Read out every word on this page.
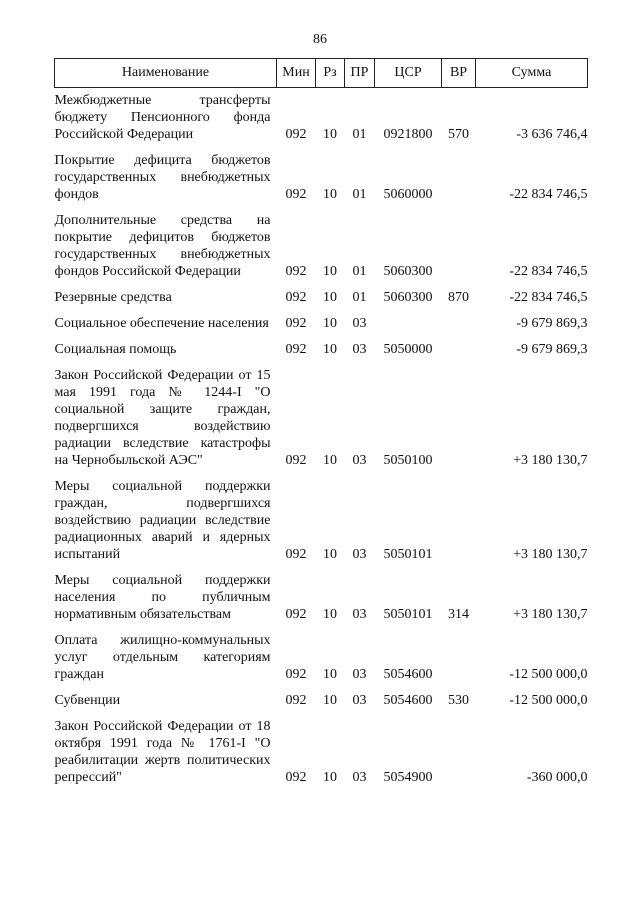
86
Наименование	Мин	Рз	ПР	ЦСР	ВР	Сумма
Межбюджетные трансферты бюджету Пенсионного фонда Российской Федерации	092	10	01	0921800	570	-3 636 746,4
Покрытие дефицита бюджетов государственных внебюджетных фондов	092	10	01	5060000		-22 834 746,5
Дополнительные средства на покрытие дефицитов бюджетов государственных внебюджетных фондов Российской Федерации	092	10	01	5060300		-22 834 746,5
Резервные средства	092	10	01	5060300	870	-22 834 746,5
Социальное обеспечение населения	092	10	03			-9 679 869,3
Социальная помощь	092	10	03	5050000		-9 679 869,3
Закон Российской Федерации от 15 мая 1991 года № 1244-I "О социальной защите граждан, подвергшихся воздействию радиации вследствие катастрофы на Чернобыльской АЭС"	092	10	03	5050100		+3 180 130,7
Меры социальной поддержки граждан, подвергшихся воздействию радиации вследствие радиационных аварий и ядерных испытаний	092	10	03	5050101		+3 180 130,7
Меры социальной поддержки населения по публичным нормативным обязательствам	092	10	03	5050101	314	+3 180 130,7
Оплата жилищно-коммунальных услуг отдельным категориям граждан	092	10	03	5054600		-12 500 000,0
Субвенции	092	10	03	5054600	530	-12 500 000,0
Закон Российской Федерации от 18 октября 1991 года № 1761-I "О реабилитации жертв политических репрессий"	092	10	03	5054900		-360 000,0
